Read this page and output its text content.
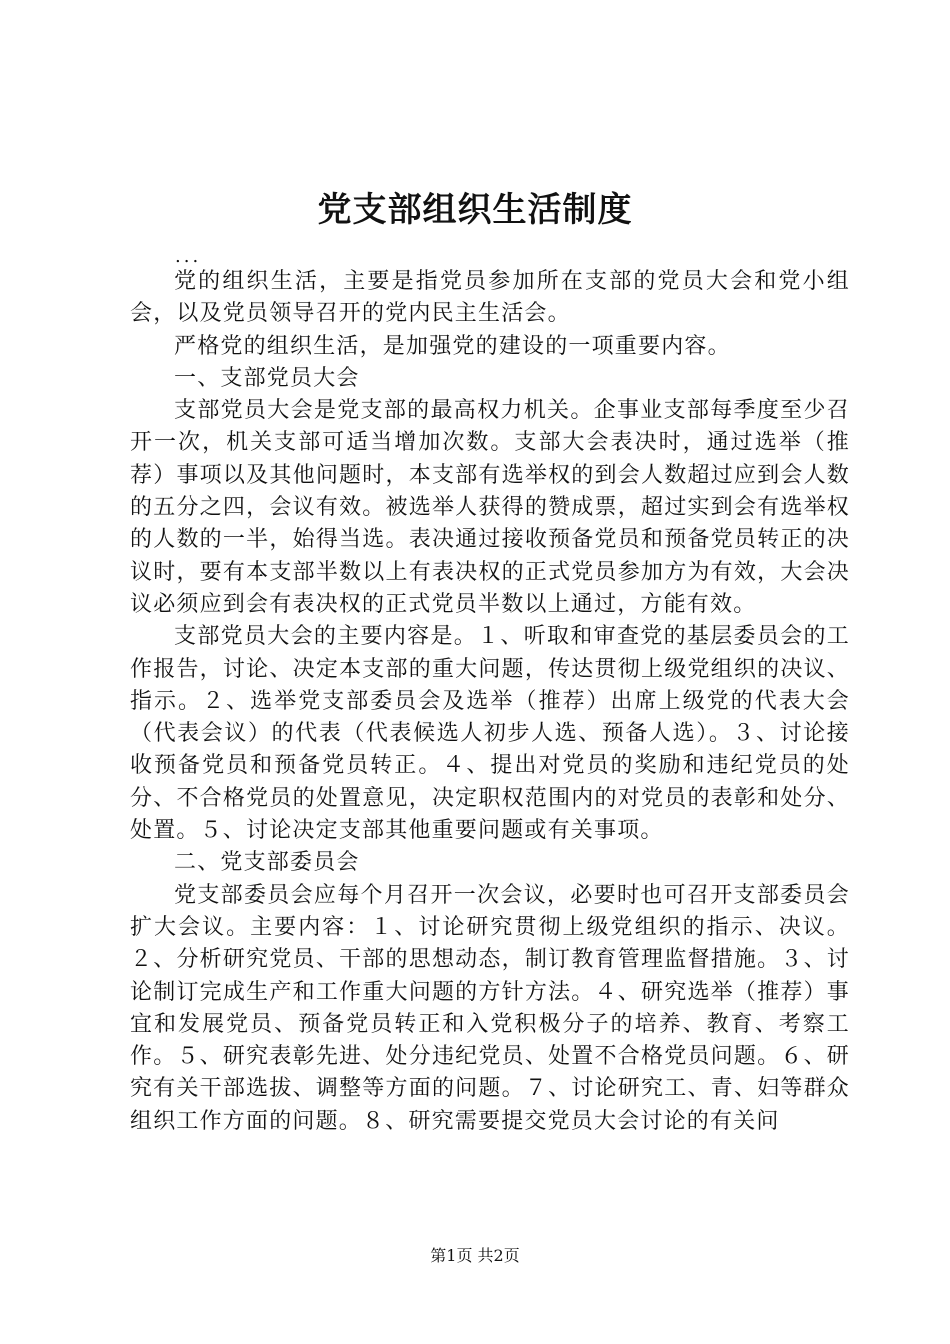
党支部组织生活制度
...

党的组织生活，主要是指党员参加所在支部的党员大会和党小组会，以及党员领导召开的党内民主生活会。

严格党的组织生活，是加强党的建设的一项重要内容。

一、支部党员大会

支部党员大会是党支部的最高权力机关。企事业支部每季度至少召开一次，机关支部可适当增加次数。支部大会表决时，通过选举（推荐）事项以及其他问题时，本支部有选举权的到会人数超过应到会人数的五分之四，会议有效。被选举人获得的赞成票，超过实到会有选举权的人数的一半，始得当选。表决通过接收预备党员和预备党员转正的决议时，要有本支部半数以上有表决权的正式党员参加方为有效，大会决议必须应到会有表决权的正式党员半数以上通过，方能有效。

支部党员大会的主要内容是。１、听取和审查党的基层委员会的工作报告，讨论、决定本支部的重大问题，传达贯彻上级党组织的决议、指示。２、选举党支部委员会及选举（推荐）出席上级党的代表大会（代表会议）的代表（代表候选人初步人选、预备人选）。３、讨论接收预备党员和预备党员转正。４、提出对党员的奖励和违纪党员的处分、不合格党员的处置意见，决定职权范围内的对党员的表彰和处分、处置。５、讨论决定支部其他重要问题或有关事项。

二、党支部委员会

党支部委员会应每个月召开一次会议，必要时也可召开支部委员会扩大会议。主要内容：１、讨论研究贯彻上级党组织的指示、决议。２、分析研究党员、干部的思想动态，制订教育管理监督措施。３、讨论制订完成生产和工作重大问题的方针方法。４、研究选举（推荐）事宜和发展党员、预备党员转正和入党积极分子的培养、教育、考察工作。５、研究表彰先进、处分违纪党员、处置不合格党员问题。６、研究有关干部选拔、调整等方面的问题。７、讨论研究工、青、妇等群众组织工作方面的问题。８、研究需要提交党员大会讨论的有关问

第1页 共2页
